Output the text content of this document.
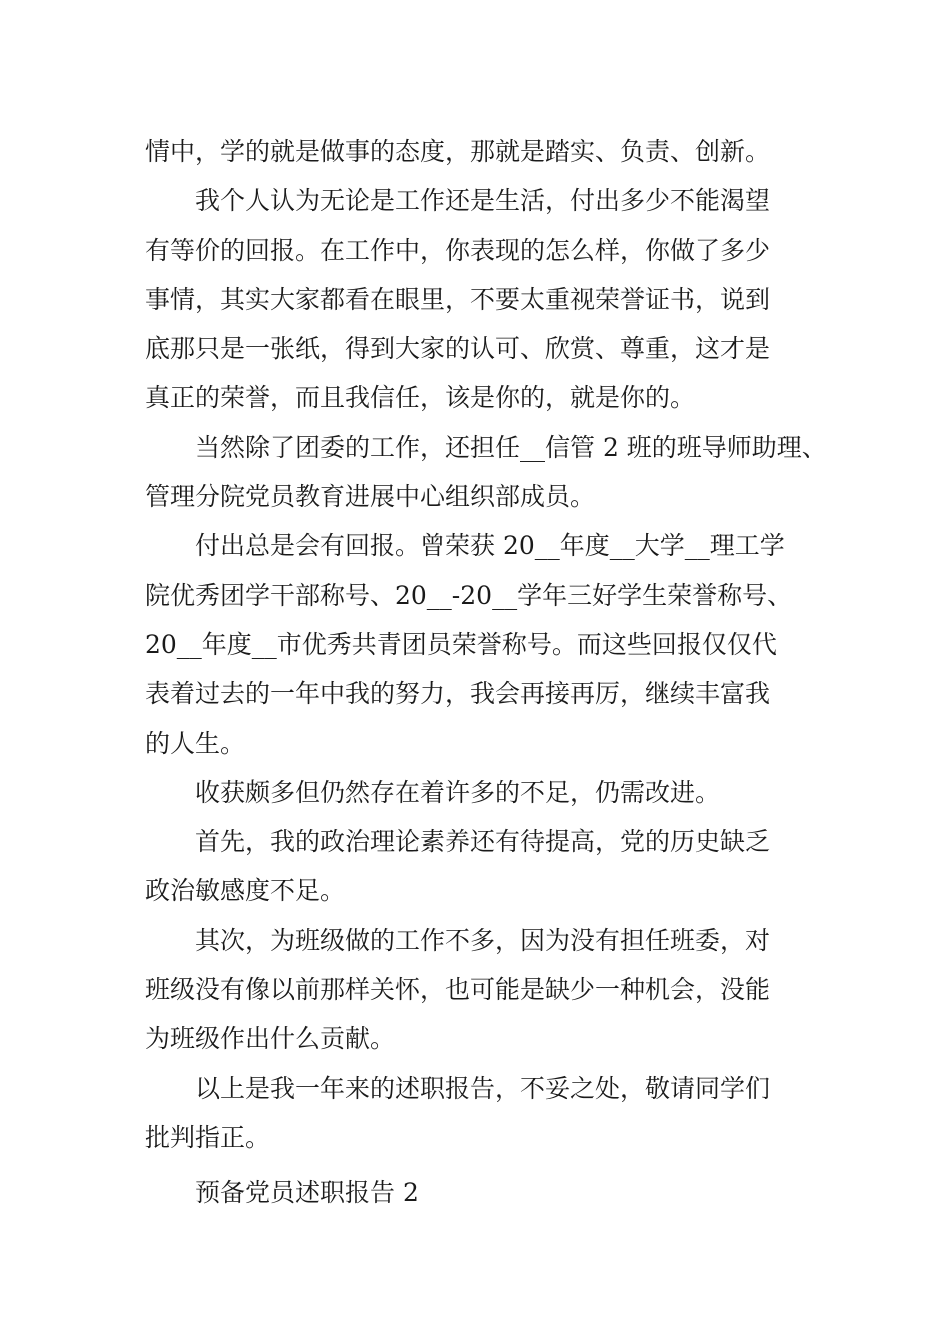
情中，学的就是做事的态度，那就是踏实、负责、创新。

我个人认为无论是工作还是生活，付出多少不能渴望
有等价的回报。在工作中，你表现的怎么样，你做了多少
事情，其实大家都看在眼里，不要太重视荣誉证书，说到
底那只是一张纸，得到大家的认可、欣赏、尊重，这才是
真正的荣誉，而且我信任，该是你的，就是你的。

当然除了团委的工作，还担任__信管 2 班的班导师助理、
管理分院党员教育进展中心组织部成员。

付出总是会有回报。曾荣获 20__年度__大学__理工学
院优秀团学干部称号、20__-20__学年三好学生荣誉称号、
20__年度__市优秀共青团员荣誉称号。而这些回报仅仅代
表着过去的一年中我的努力，我会再接再厉，继续丰富我
的人生。

收获颇多但仍然存在着许多的不足，仍需改进。

首先，我的政治理论素养还有待提高，党的历史缺乏
政治敏感度不足。

其次，为班级做的工作不多，因为没有担任班委，对
班级没有像以前那样关怀，也可能是缺少一种机会，没能
为班级作出什么贡献。

以上是我一年来的述职报告，不妥之处，敬请同学们
批判指正。

预备党员述职报告 2
